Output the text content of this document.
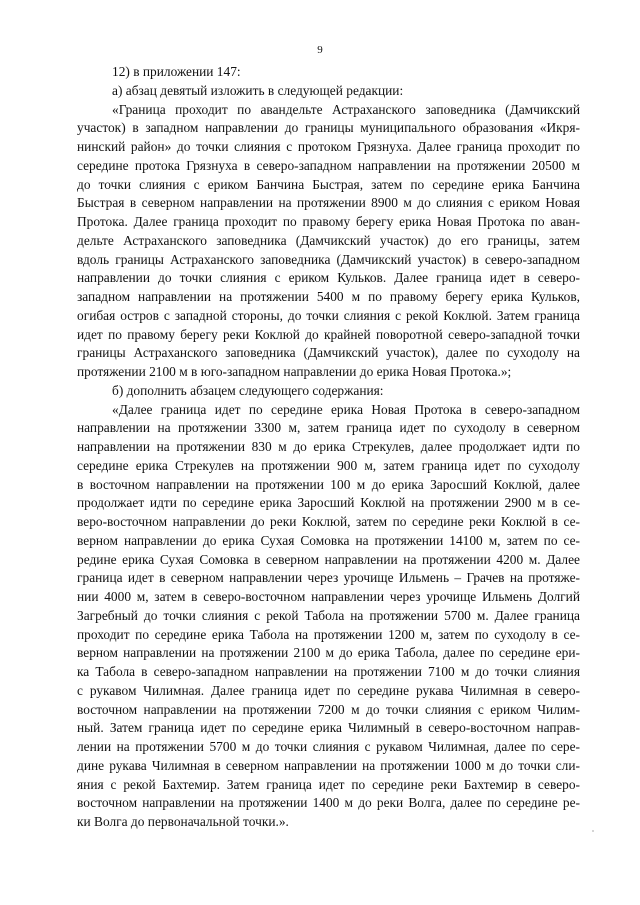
9
12) в приложении 147:
а) абзац девятый изложить в следующей редакции:
«Граница проходит по авандельте Астраханского заповедника (Дамчикский
участок) в западном направлении до границы муниципального образования «Икря-
нинский район» до точки слияния с протоком Грязнуха. Далее граница проходит по
середине протока Грязнуха в северо-западном направлении на протяжении 20500 м
до точки слияния с ериком Банчина Быстрая, затем по середине ерика Банчина
Быстрая в северном направлении на протяжении 8900 м до слияния с ериком Новая
Протока. Далее граница проходит по правому берегу ерика Новая Протока по аван-
дельте Астраханского заповедника (Дамчикский участок) до его границы, затем
вдоль границы Астраханского заповедника (Дамчикский участок) в северо-западном
направлении до точки слияния с ериком Кульков. Далее граница идет в северо-
западном направлении на протяжении 5400 м по правому берегу ерика Кульков,
огибая остров с западной стороны, до точки слияния с рекой Коклюй. Затем граница
идет по правому берегу реки Коклюй до крайней поворотной северо-западной точки
границы Астраханского заповедника (Дамчикский участок), далее по суходолу на
протяжении 2100 м в юго-западном направлении до ерика Новая Протока.»;
б) дополнить абзацем следующего содержания:
«Далее граница идет по середине ерика Новая Протока в северо-западном
направлении на протяжении 3300 м, затем граница идет по суходолу в северном
направлении на протяжении 830 м до ерика Стрекулев, далее продолжает идти по
середине ерика Стрекулев на протяжении 900 м, затем граница идет по суходолу
в восточном направлении на протяжении 100 м до ерика Заросший Коклюй, далее
продолжает идти по середине ерика Заросший Коклюй на протяжении 2900 м в се-
веро-восточном направлении до реки Коклюй, затем по середине реки Коклюй в се-
верном направлении до ерика Сухая Сомовка на протяжении 14100 м, затем по се-
редине ерика Сухая Сомовка в северном направлении на протяжении 4200 м. Далее
граница идет в северном направлении через урочище Ильмень – Грачев на протяже-
нии 4000 м, затем в северо-восточном направлении через урочище Ильмень Долгий
Загребный до точки слияния с рекой Табола на протяжении 5700 м. Далее граница
проходит по середине ерика Табола на протяжении 1200 м, затем по суходолу в се-
верном направлении на протяжении 2100 м до ерика Табола, далее по середине ери-
ка Табола в северо-западном направлении на протяжении 7100 м до точки слияния
с рукавом Чилимная. Далее граница идет по середине рукава Чилимная в северо-
восточном направлении на протяжении 7200 м до точки слияния с ериком Чилим-
ный. Затем граница идет по середине ерика Чилимный в северо-восточном направ-
лении на протяжении 5700 м до точки слияния с рукавом Чилимная, далее по сере-
дине рукава Чилимная в северном направлении на протяжении 1000 м до точки сли-
яния с рекой Бахтемир. Затем граница идет по середине реки Бахтемир в северо-
восточном направлении на протяжении 1400 м до реки Волга, далее по середине ре-
ки Волга до первоначальной точки.».
